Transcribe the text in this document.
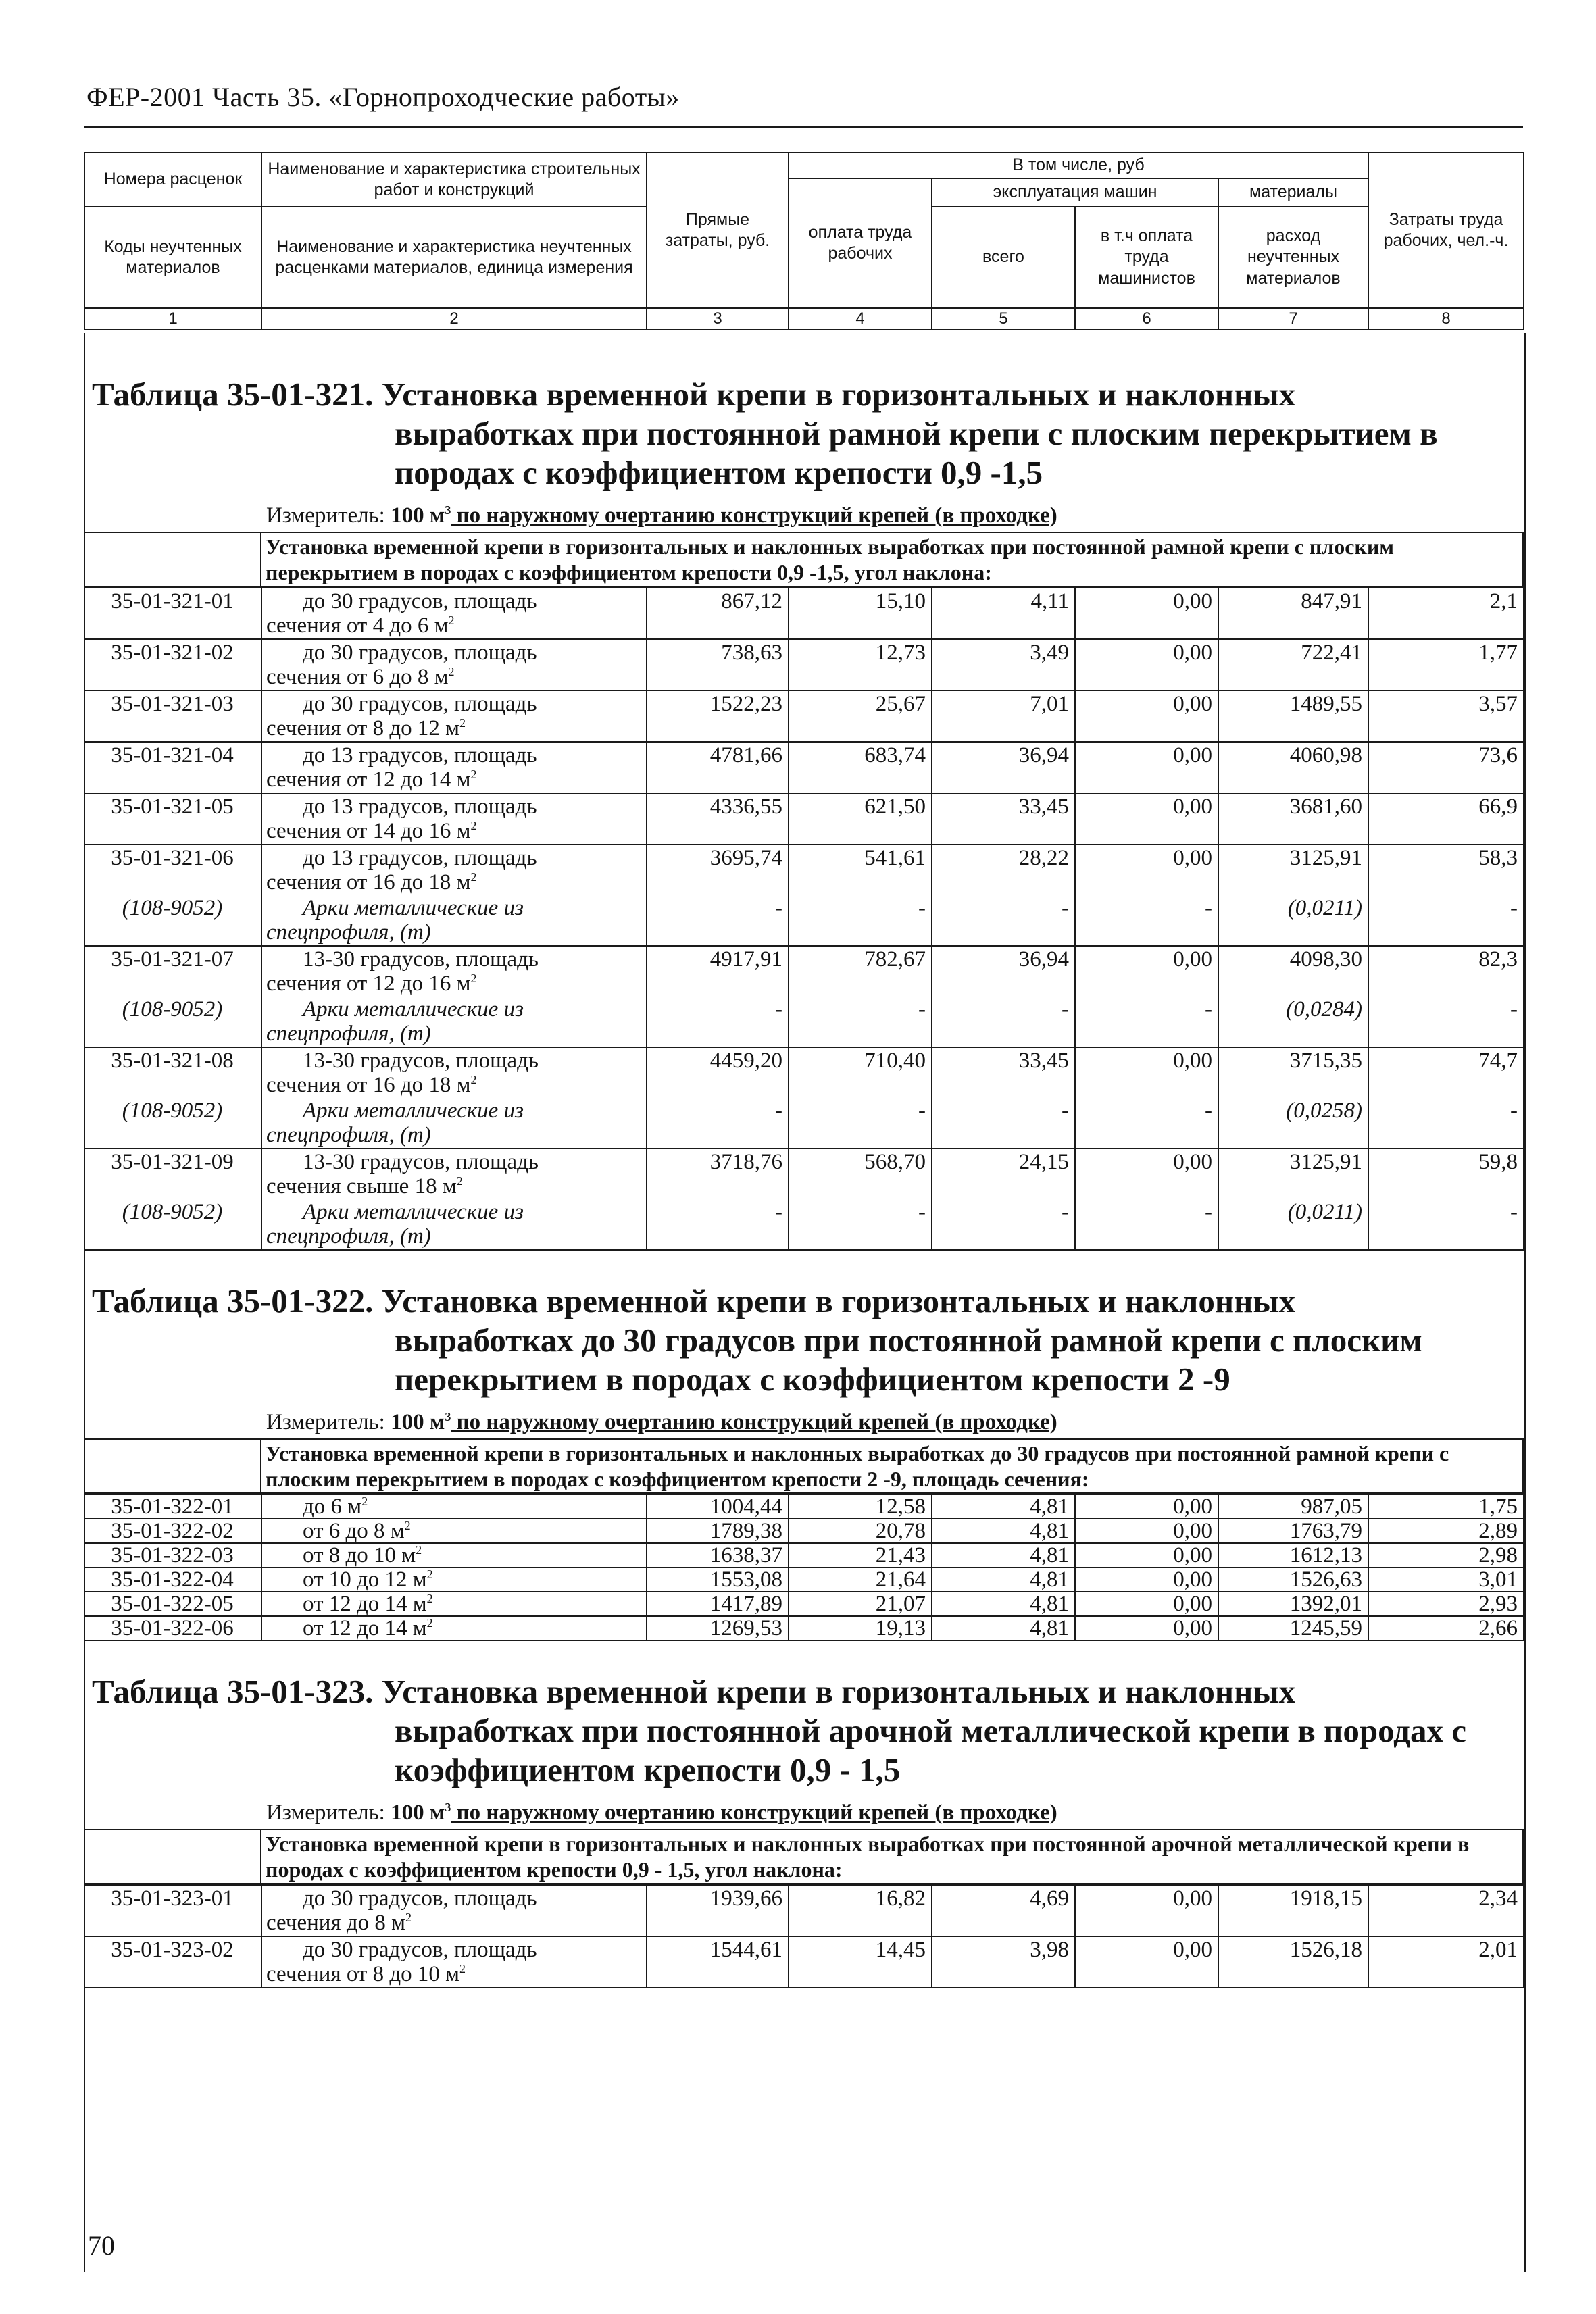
ФЕР-2001 Часть 35. «Горнопроходческие работы»
Номера расценок	Наименование и характеристика строительных работ и конструкций	Прямые затраты, руб.	В том числе, руб				Затраты труда рабочих, чел.-ч.
			оплата труда рабочих	эксплуатация машин		материалы	
Коды неучтенных материалов	Наименование и характеристика неучтенных расценками материалов, единица измерения			всего	в т.ч оплата труда машинистов	расход неучтенных материалов	

1	2	3	4	5	6	7	8
Таблица 35-01-321. Установка временной крепи в горизонтальных и наклонных
выработках при постоянной рамной крепи с плоским перекрытием в
породах с коэффициентом крепости 0,9 -1,5
Измеритель: 100 $м^3$ по наружному очертанию конструкций крепей (в проходке)
	Установка временной крепи в горизонтальных и наклонных выработках при постоянной рамной крепи с плоским перекрытием в породах с коэффициентом крепости 0,9 -1,5, угол наклона:
35-01-321-01	до 30 градусов, площадь
сечения от 4 до 6 $м^2$	867,12	15,10	4,11	0,00	847,91	2,1
35-01-321-02	до 30 градусов, площадь
сечения от 6 до 8 $м^2$	738,63	12,73	3,49	0,00	722,41	1,77
35-01-321-03	до 30 градусов, площадь
сечения от 8 до 12 $м^2$	1522,23	25,67	7,01	0,00	1489,55	3,57
35-01-321-04	до 13 градусов, площадь
сечения от 12 до 14 $м^2$	4781,66	683,74	36,94	0,00	4060,98	73,6
35-01-321-05	до 13 градусов, площадь
сечения от 14 до 16 $м^2$	4336,55	621,50	33,45	0,00	3681,60	66,9
35-01-321-06	до 13 градусов, площадь
сечения от 16 до 18 $м^2$	3695,74	541,61	28,22	0,00	3125,91	58,3
(108-9052)	Арки металлические из
спецпрофиля, (т)	-	-	-	-	(0,0211)	-
35-01-321-07	13-30 градусов, площадь
сечения от 12 до 16 $м^2$	4917,91	782,67	36,94	0,00	4098,30	82,3
(108-9052)	Арки металлические из
спецпрофиля, (т)	-	-	-	-	(0,0284)	-
35-01-321-08	13-30 градусов, площадь
сечения от 16 до 18 $м^2$	4459,20	710,40	33,45	0,00	3715,35	74,7
(108-9052)	Арки металлические из
спецпрофиля, (т)	-	-	-	-	(0,0258)	-
35-01-321-09	13-30 градусов, площадь
сечения свыше 18 $м^2$	3718,76	568,70	24,15	0,00	3125,91	59,8
(108-9052)	Арки металлические из
спецпрофиля, (т)	-	-	-	-	(0,0211)	-
Таблица 35-01-322. Установка временной крепи в горизонтальных и наклонных
выработках до 30 градусов при постоянной рамной крепи с плоским
перекрытием в породах с коэффициентом крепости 2 -9
Измеритель: 100 $м^3$ по наружному очертанию конструкций крепей (в проходке)
	Установка временной крепи в горизонтальных и наклонных выработках до 30 градусов при постоянной рамной крепи с плоским перекрытием в породах с коэффициентом крепости 2 -9, площадь сечения:
35-01-322-01	до 6 $м^2$	1004,44	12,58	4,81	0,00	987,05	1,75
35-01-322-02	от 6 до 8 $м^2$	1789,38	20,78	4,81	0,00	1763,79	2,89
35-01-322-03	от 8 до 10 $м^2$	1638,37	21,43	4,81	0,00	1612,13	2,98
35-01-322-04	от 10 до 12 $м^2$	1553,08	21,64	4,81	0,00	1526,63	3,01
35-01-322-05	от 12 до 14 $м^2$	1417,89	21,07	4,81	0,00	1392,01	2,93
35-01-322-06	от 12 до 14 $м^2$	1269,53	19,13	4,81	0,00	1245,59	2,66
Таблица 35-01-323. Установка временной крепи в горизонтальных и наклонных
выработках при постоянной арочной металлической крепи в породах с
коэффициентом крепости 0,9 - 1,5
Измеритель: 100 $м^3$ по наружному очертанию конструкций крепей (в проходке)
	Установка временной крепи в горизонтальных и наклонных выработках при постоянной арочной металлической крепи в породах с коэффициентом крепости 0,9 - 1,5, угол наклона:
35-01-323-01	до 30 градусов, площадь
сечения до 8 $м^2$	1939,66	16,82	4,69	0,00	1918,15	2,34
35-01-323-02	до 30 градусов, площадь
сечения от 8 до 10 $м^2$	1544,61	14,45	3,98	0,00	1526,18	2,01
70
